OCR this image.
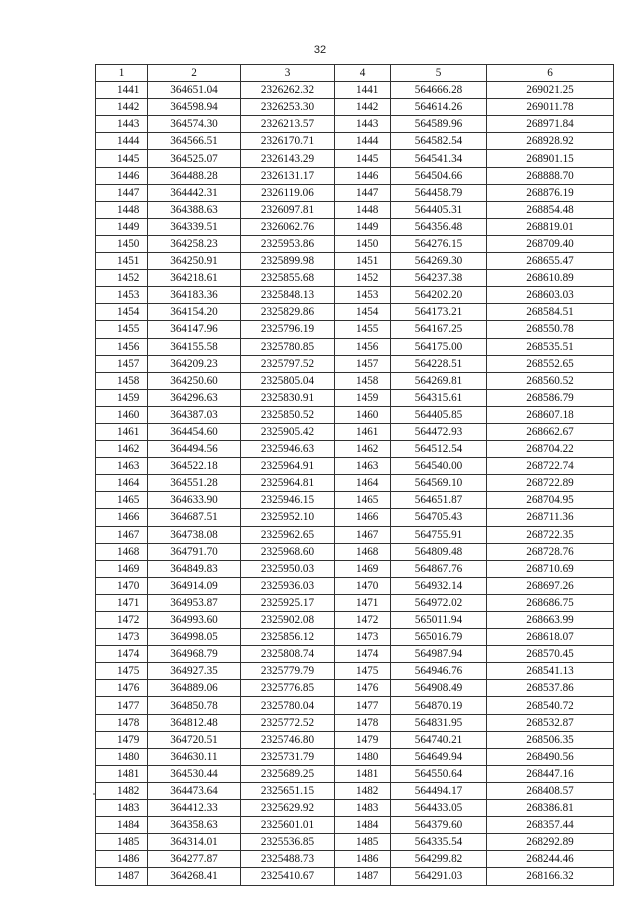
32
1	2	3	4	5	6
1441	364651.04	2326262.32	1441	564666.28	269021.25
1442	364598.94	2326253.30	1442	564614.26	269011.78
1443	364574.30	2326213.57	1443	564589.96	268971.84
1444	364566.51	2326170.71	1444	564582.54	268928.92
1445	364525.07	2326143.29	1445	564541.34	268901.15
1446	364488.28	2326131.17	1446	564504.66	268888.70
1447	364442.31	2326119.06	1447	564458.79	268876.19
1448	364388.63	2326097.81	1448	564405.31	268854.48
1449	364339.51	2326062.76	1449	564356.48	268819.01
1450	364258.23	2325953.86	1450	564276.15	268709.40
1451	364250.91	2325899.98	1451	564269.30	268655.47
1452	364218.61	2325855.68	1452	564237.38	268610.89
1453	364183.36	2325848.13	1453	564202.20	268603.03
1454	364154.20	2325829.86	1454	564173.21	268584.51
1455	364147.96	2325796.19	1455	564167.25	268550.78
1456	364155.58	2325780.85	1456	564175.00	268535.51
1457	364209.23	2325797.52	1457	564228.51	268552.65
1458	364250.60	2325805.04	1458	564269.81	268560.52
1459	364296.63	2325830.91	1459	564315.61	268586.79
1460	364387.03	2325850.52	1460	564405.85	268607.18
1461	364454.60	2325905.42	1461	564472.93	268662.67
1462	364494.56	2325946.63	1462	564512.54	268704.22
1463	364522.18	2325964.91	1463	564540.00	268722.74
1464	364551.28	2325964.81	1464	564569.10	268722.89
1465	364633.90	2325946.15	1465	564651.87	268704.95
1466	364687.51	2325952.10	1466	564705.43	268711.36
1467	364738.08	2325962.65	1467	564755.91	268722.35
1468	364791.70	2325968.60	1468	564809.48	268728.76
1469	364849.83	2325950.03	1469	564867.76	268710.69
1470	364914.09	2325936.03	1470	564932.14	268697.26
1471	364953.87	2325925.17	1471	564972.02	268686.75
1472	364993.60	2325902.08	1472	565011.94	268663.99
1473	364998.05	2325856.12	1473	565016.79	268618.07
1474	364968.79	2325808.74	1474	564987.94	268570.45
1475	364927.35	2325779.79	1475	564946.76	268541.13
1476	364889.06	2325776.85	1476	564908.49	268537.86
1477	364850.78	2325780.04	1477	564870.19	268540.72
1478	364812.48	2325772.52	1478	564831.95	268532.87
1479	364720.51	2325746.80	1479	564740.21	268506.35
1480	364630.11	2325731.79	1480	564649.94	268490.56
1481	364530.44	2325689.25	1481	564550.64	268447.16
1482	364473.64	2325651.15	1482	564494.17	268408.57
1483	364412.33	2325629.92	1483	564433.05	268386.81
1484	364358.63	2325601.01	1484	564379.60	268357.44
1485	364314.01	2325536.85	1485	564335.54	268292.89
1486	364277.87	2325488.73	1486	564299.82	268244.46
1487	364268.41	2325410.67	1487	564291.03	268166.32
